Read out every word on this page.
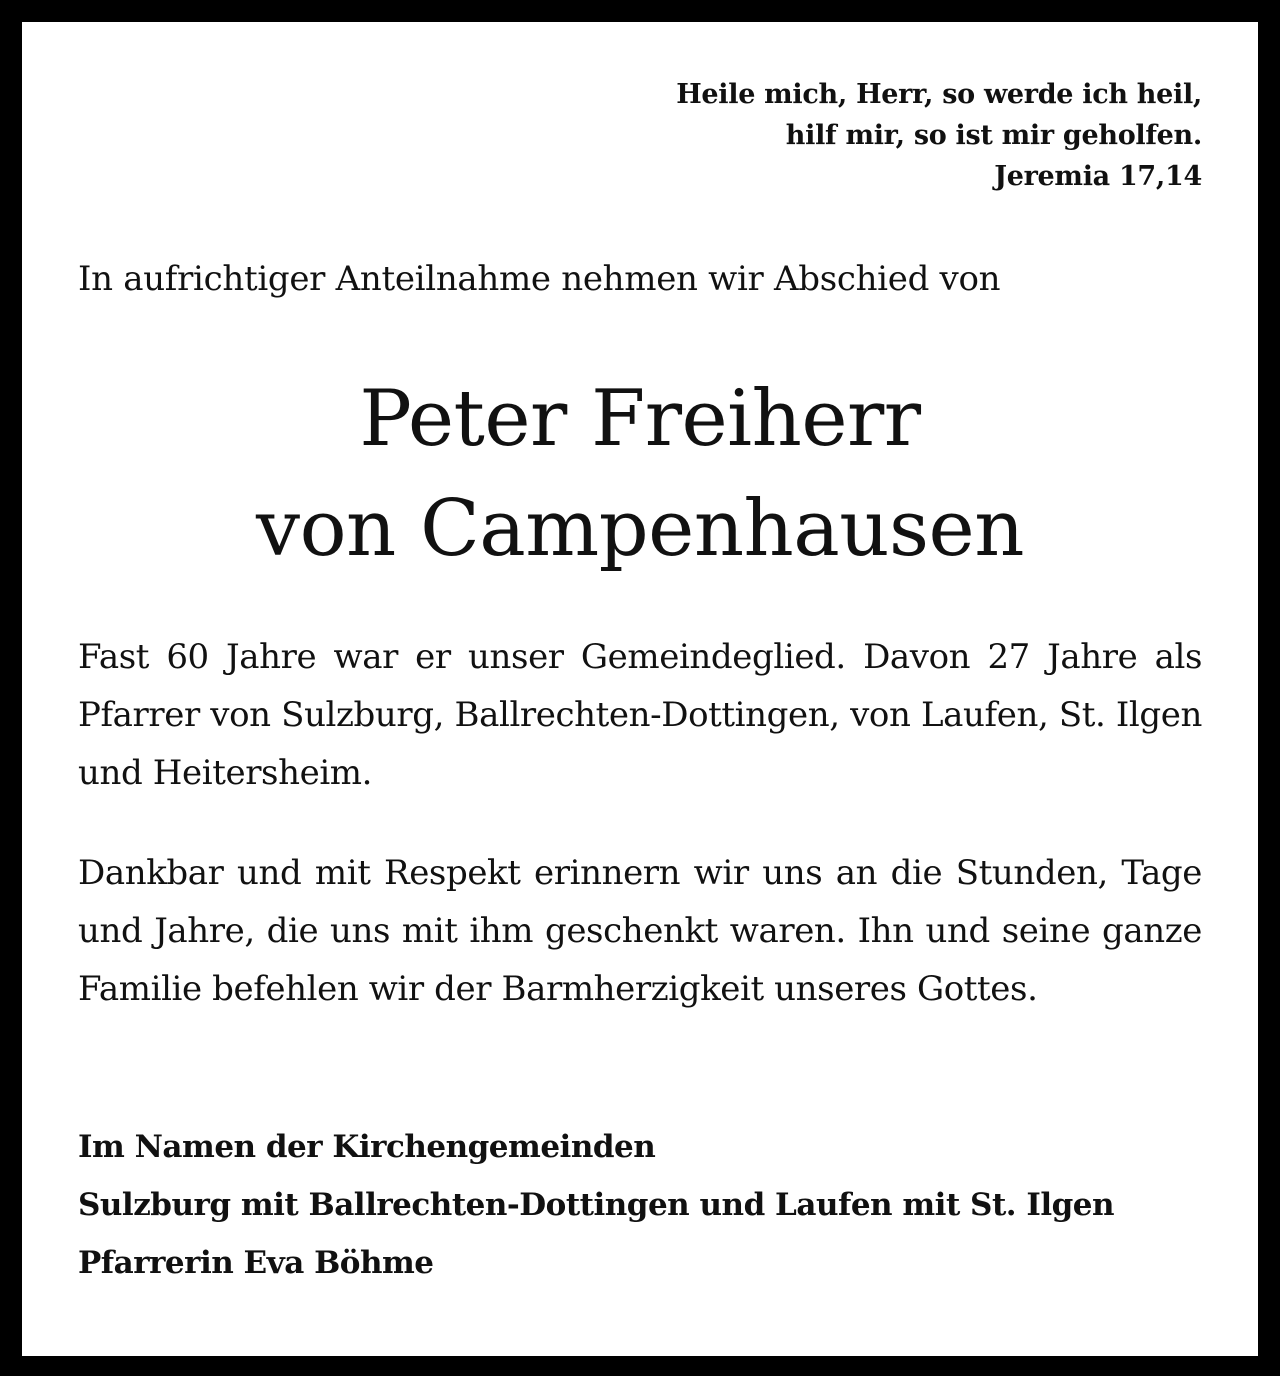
Heile mich, Herr, so werde ich heil,
hilf mir, so ist mir geholfen.
Jeremia 17,14
In aufrichtiger Anteilnahme nehmen wir Abschied von
Peter Freiherr
von Campenhausen
Fast 60 Jahre war er unser Gemeindeglied. Davon 27 Jahre als Pfarrer von Sulzburg, Ballrechten-Dottingen, von Laufen, St. Ilgen und Heitersheim.
Dankbar und mit Respekt erinnern wir uns an die Stunden, Tage und Jahre, die uns mit ihm geschenkt waren. Ihn und seine ganze Familie befehlen wir der Barmherzigkeit unseres Gottes.
Im Namen der Kirchengemeinden
Sulzburg mit Ballrechten-Dottingen und Laufen mit St. Ilgen
Pfarrerin Eva Böhme
